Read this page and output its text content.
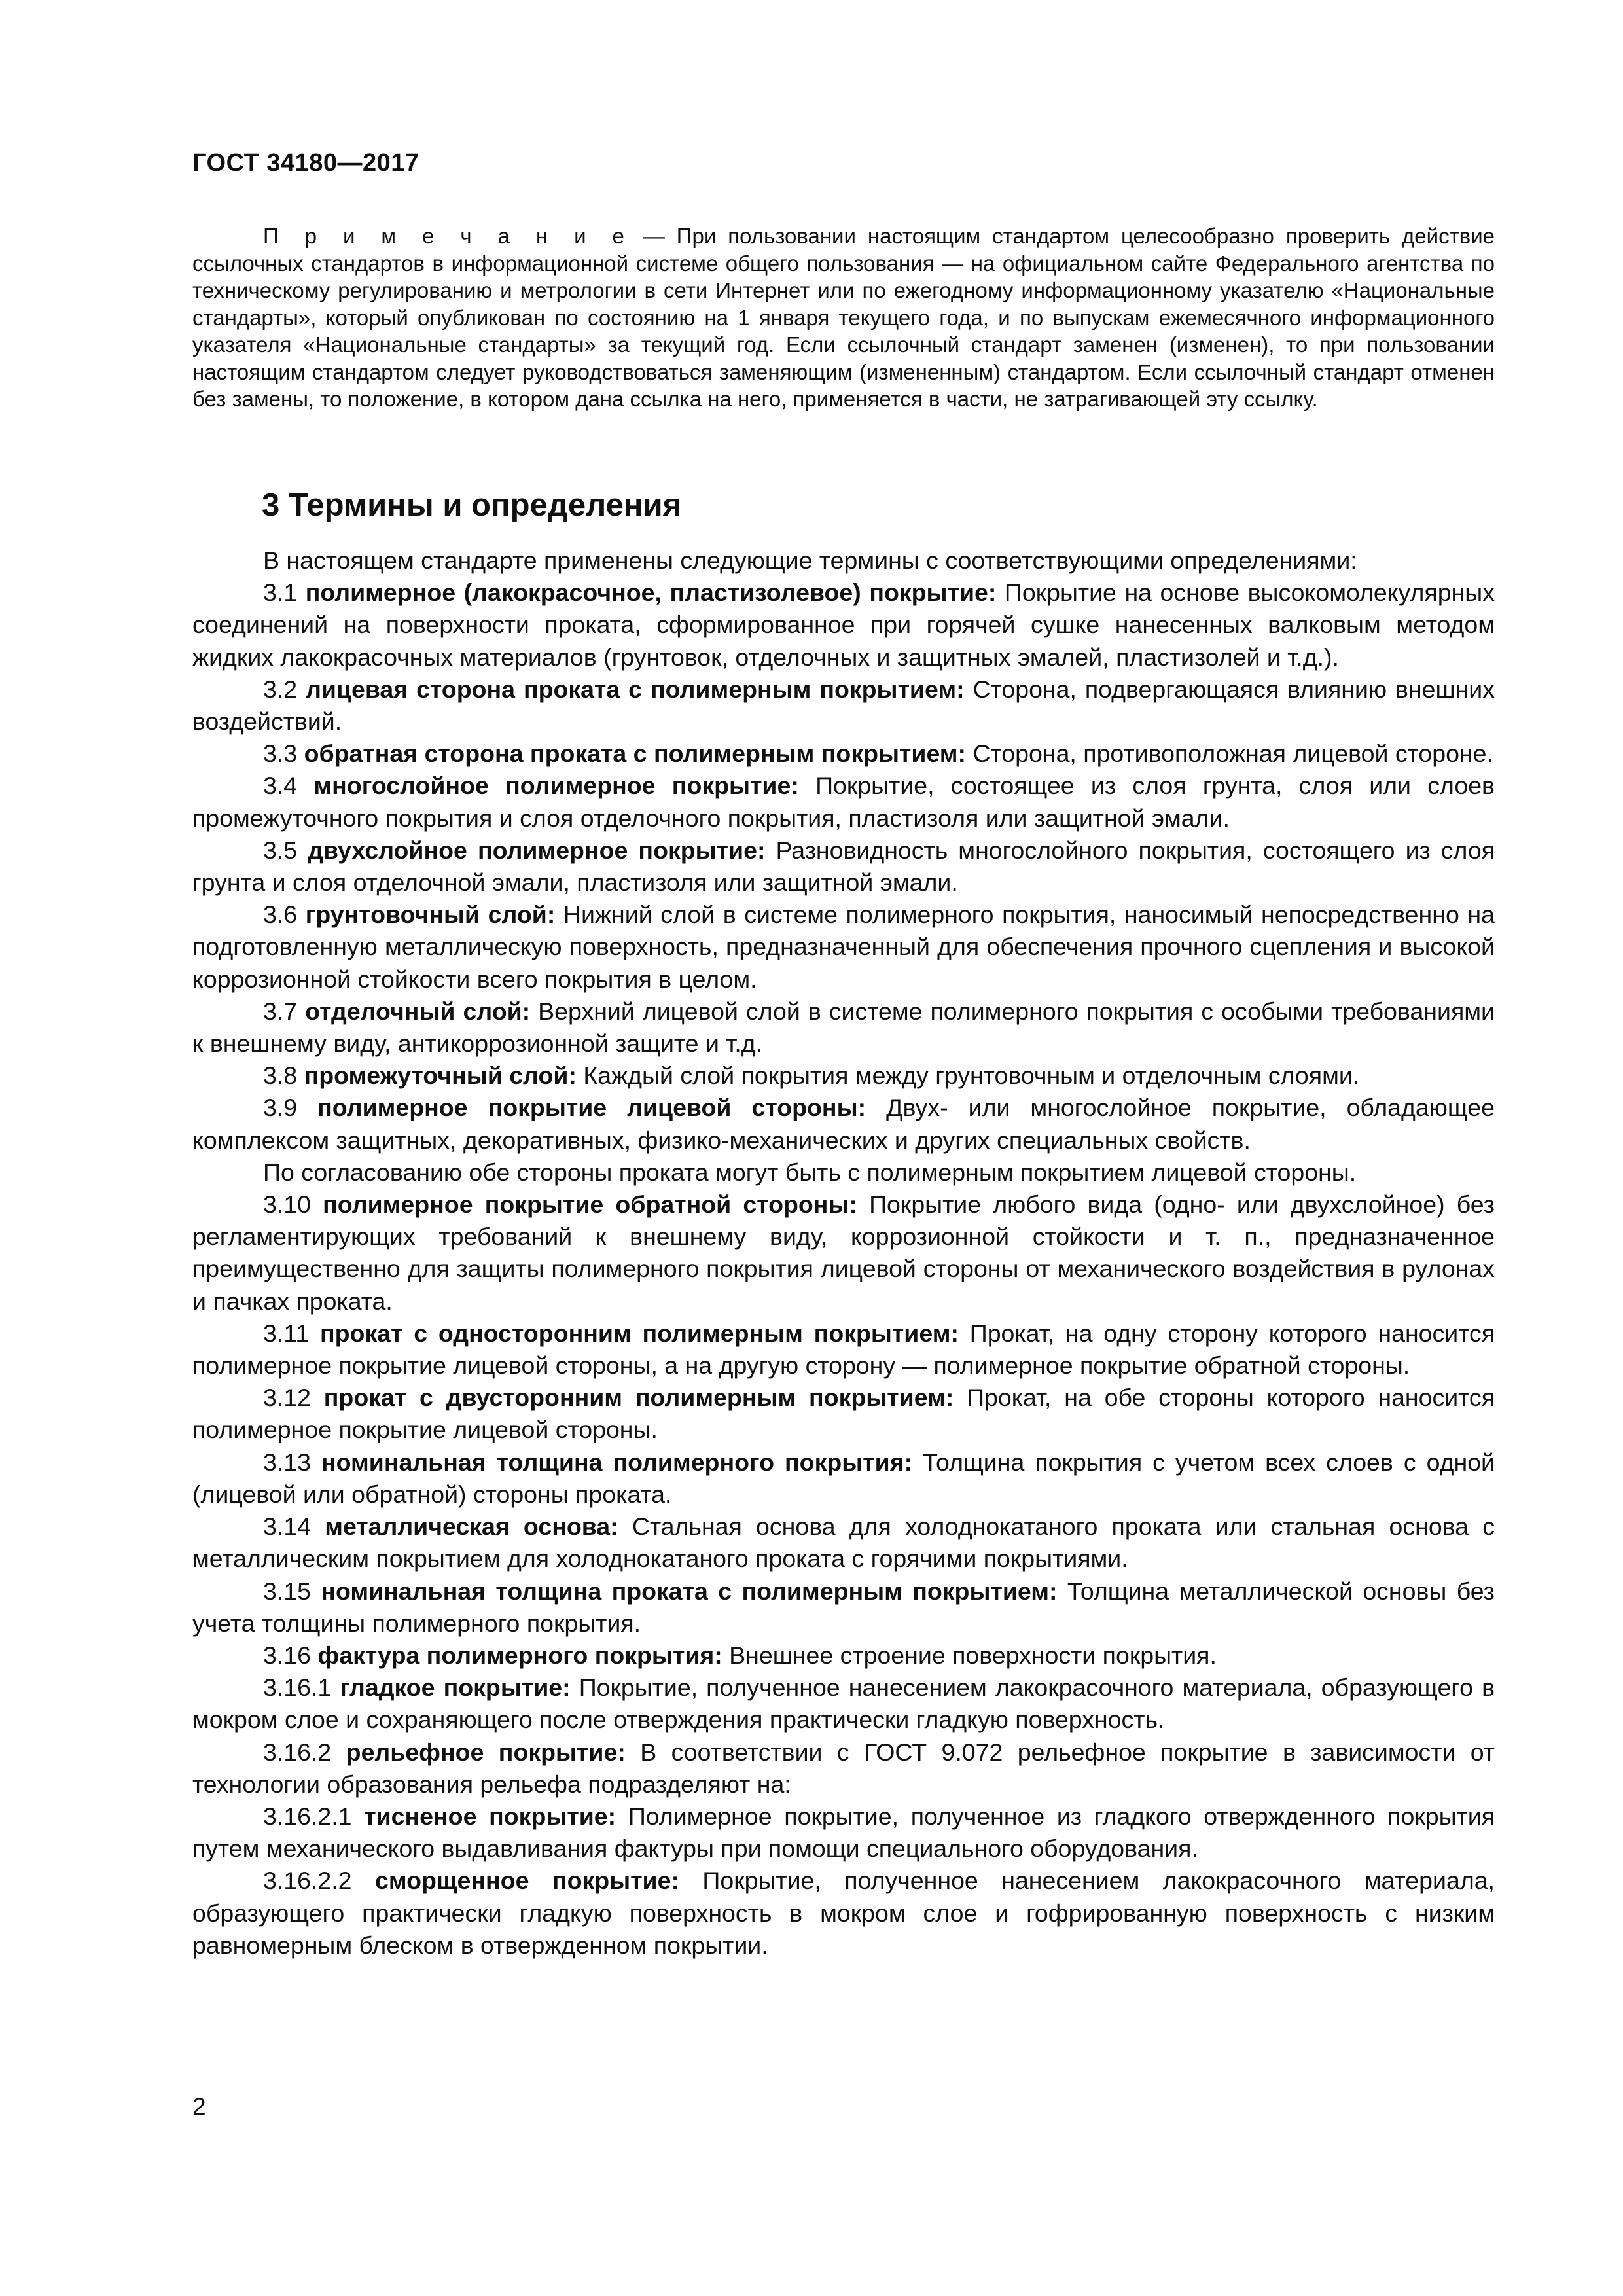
ГОСТ 34180—2017

П р и м е ч а н и е — При пользовании настоящим стандартом целесообразно проверить действие ссылочных стандартов в информационной системе общего пользования — на официальном сайте Федерального агентства по техническому регулированию и метрологии в сети Интернет или по ежегодному информационному указателю «Национальные стандарты», который опубликован по состоянию на 1 января текущего года, и по выпускам ежемесячного информационного указателя «Национальные стандарты» за текущий год. Если ссылочный стандарт заменен (изменен), то при пользовании настоящим стандартом следует руководствоваться заменяющим (измененным) стандартом. Если ссылочный стандарт отменен без замены, то положение, в котором дана ссылка на него, применяется в части, не затрагивающей эту ссылку.

3 Термины и определения

В настоящем стандарте применены следующие термины с соответствующими определениями:

3.1 полимерное (лакокрасочное, пластизолевое) покрытие: Покрытие на основе высокомолекулярных соединений на поверхности проката, сформированное при горячей сушке нанесенных валковым методом жидких лакокрасочных материалов (грунтовок, отделочных и защитных эмалей, пластизолей и т.д.).

3.2 лицевая сторона проката с полимерным покрытием: Сторона, подвергающаяся влиянию внешних воздействий.

3.3 обратная сторона проката с полимерным покрытием: Сторона, противоположная лицевой стороне.

3.4 многослойное полимерное покрытие: Покрытие, состоящее из слоя грунта, слоя или слоев промежуточного покрытия и слоя отделочного покрытия, пластизоля или защитной эмали.

3.5 двухслойное полимерное покрытие: Разновидность многослойного покрытия, состоящего из слоя грунта и слоя отделочной эмали, пластизоля или защитной эмали.

3.6 грунтовочный слой: Нижний слой в системе полимерного покрытия, наносимый непосредственно на подготовленную металлическую поверхность, предназначенный для обеспечения прочного сцепления и высокой коррозионной стойкости всего покрытия в целом.

3.7 отделочный слой: Верхний лицевой слой в системе полимерного покрытия с особыми требованиями к внешнему виду, антикоррозионной защите и т.д.

3.8 промежуточный слой: Каждый слой покрытия между грунтовочным и отделочным слоями.

3.9 полимерное покрытие лицевой стороны: Двух- или многослойное покрытие, обладающее комплексом защитных, декоративных, физико-механических и других специальных свойств.

По согласованию обе стороны проката могут быть с полимерным покрытием лицевой стороны.

3.10 полимерное покрытие обратной стороны: Покрытие любого вида (одно- или двухслойное) без регламентирующих требований к внешнему виду, коррозионной стойкости и т. п., предназначенное преимущественно для защиты полимерного покрытия лицевой стороны от механического воздействия в рулонах и пачках проката.

3.11 прокат с односторонним полимерным покрытием: Прокат, на одну сторону которого наносится полимерное покрытие лицевой стороны, а на другую сторону — полимерное покрытие обратной стороны.

3.12 прокат с двусторонним полимерным покрытием: Прокат, на обе стороны которого наносится полимерное покрытие лицевой стороны.

3.13 номинальная толщина полимерного покрытия: Толщина покрытия с учетом всех слоев с одной (лицевой или обратной) стороны проката.

3.14 металлическая основа: Стальная основа для холоднокатаного проката или стальная основа с металлическим покрытием для холоднокатаного проката с горячими покрытиями.

3.15 номинальная толщина проката с полимерным покрытием: Толщина металлической основы без учета толщины полимерного покрытия.

3.16 фактура полимерного покрытия: Внешнее строение поверхности покрытия.

3.16.1 гладкое покрытие: Покрытие, полученное нанесением лакокрасочного материала, образующего в мокром слое и сохраняющего после отверждения практически гладкую поверхность.

3.16.2 рельефное покрытие: В соответствии с ГОСТ 9.072 рельефное покрытие в зависимости от технологии образования рельефа подразделяют на:

3.16.2.1 тисненое покрытие: Полимерное покрытие, полученное из гладкого отвержденного покрытия путем механического выдавливания фактуры при помощи специального оборудования.

3.16.2.2 сморщенное покрытие: Покрытие, полученное нанесением лакокрасочного материала, образующего практически гладкую поверхность в мокром слое и гофрированную поверхность с низким равномерным блеском в отвержденном покрытии.

2
